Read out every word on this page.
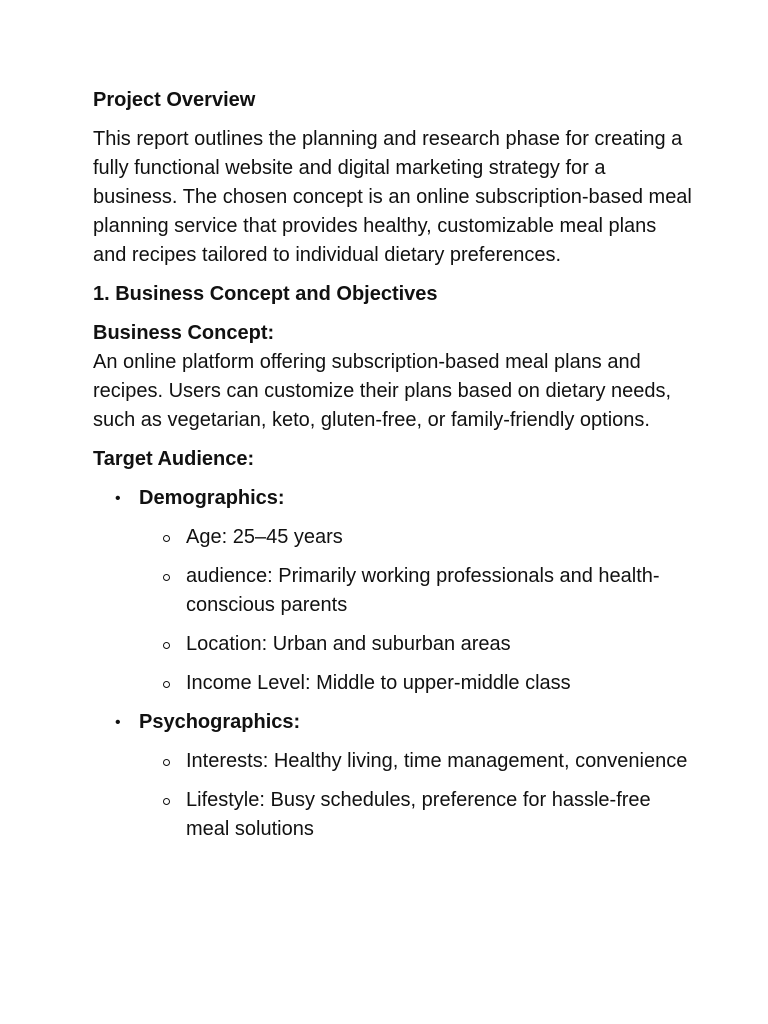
Project Overview
This report outlines the planning and research phase for creating a fully functional website and digital marketing strategy for a business. The chosen concept is an online subscription-based meal planning service that provides healthy, customizable meal plans and recipes tailored to individual dietary preferences.
1. Business Concept and Objectives
Business Concept:
An online platform offering subscription-based meal plans and recipes. Users can customize their plans based on dietary needs, such as vegetarian, keto, gluten-free, or family-friendly options.
Target Audience:
• Demographics:
Age: 25–45 years
audience: Primarily working professionals and health-conscious parents
Location: Urban and suburban areas
Income Level: Middle to upper-middle class
• Psychographics:
Interests: Healthy living, time management, convenience
Lifestyle: Busy schedules, preference for hassle-free meal solutions
